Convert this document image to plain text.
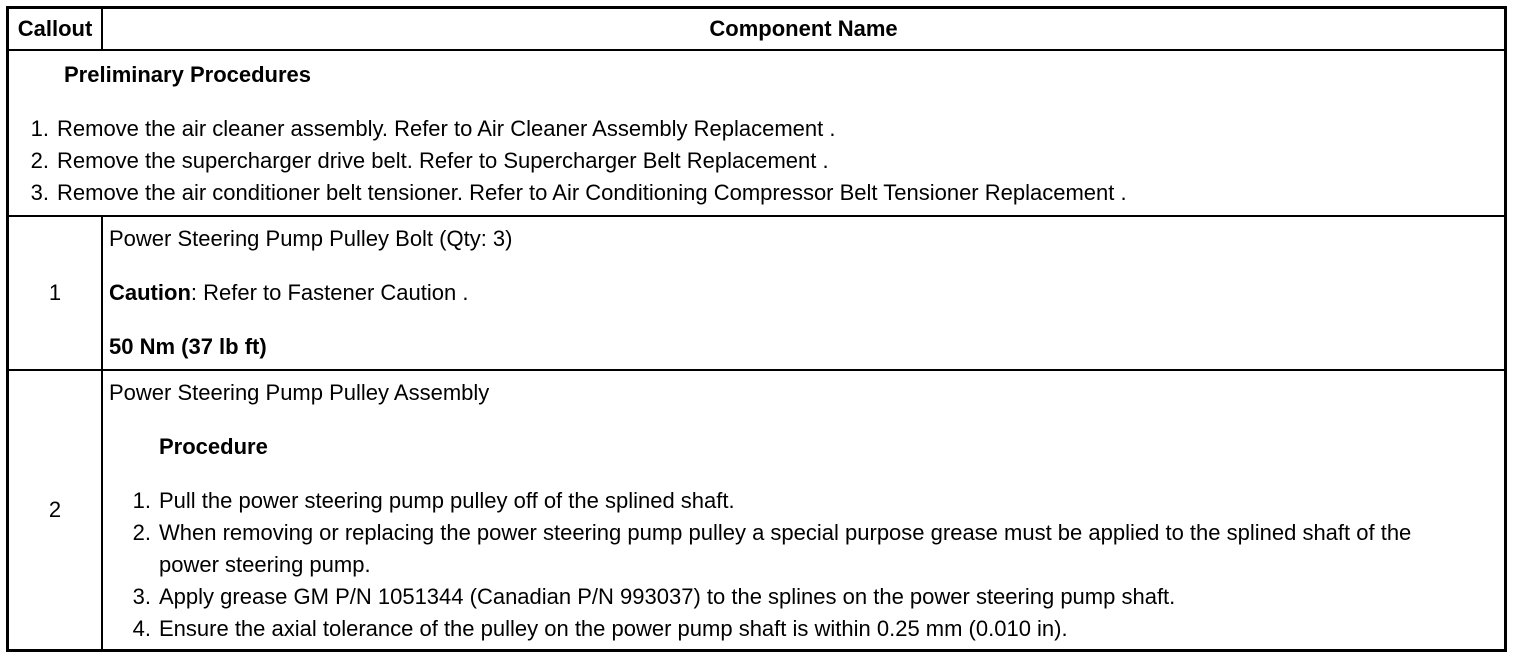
Callout	Component Name
Preliminary Procedures
1. Remove the air cleaner assembly. Refer to Air Cleaner Assembly Replacement .
2. Remove the supercharger drive belt. Refer to Supercharger Belt Replacement .
3. Remove the air conditioner belt tensioner. Refer to Air Conditioning Compressor Belt Tensioner Replacement .
1
Power Steering Pump Pulley Bolt (Qty: 3)
Caution: Refer to Fastener Caution .
50 Nm (37 lb ft)
2
Power Steering Pump Pulley Assembly
Procedure
1. Pull the power steering pump pulley off of the splined shaft.
2. When removing or replacing the power steering pump pulley a special purpose grease must be applied to the splined shaft of the power steering pump.
3. Apply grease GM P/N 1051344 (Canadian P/N 993037) to the splines on the power steering pump shaft.
4. Ensure the axial tolerance of the pulley on the power pump shaft is within 0.25 mm (0.010 in).
